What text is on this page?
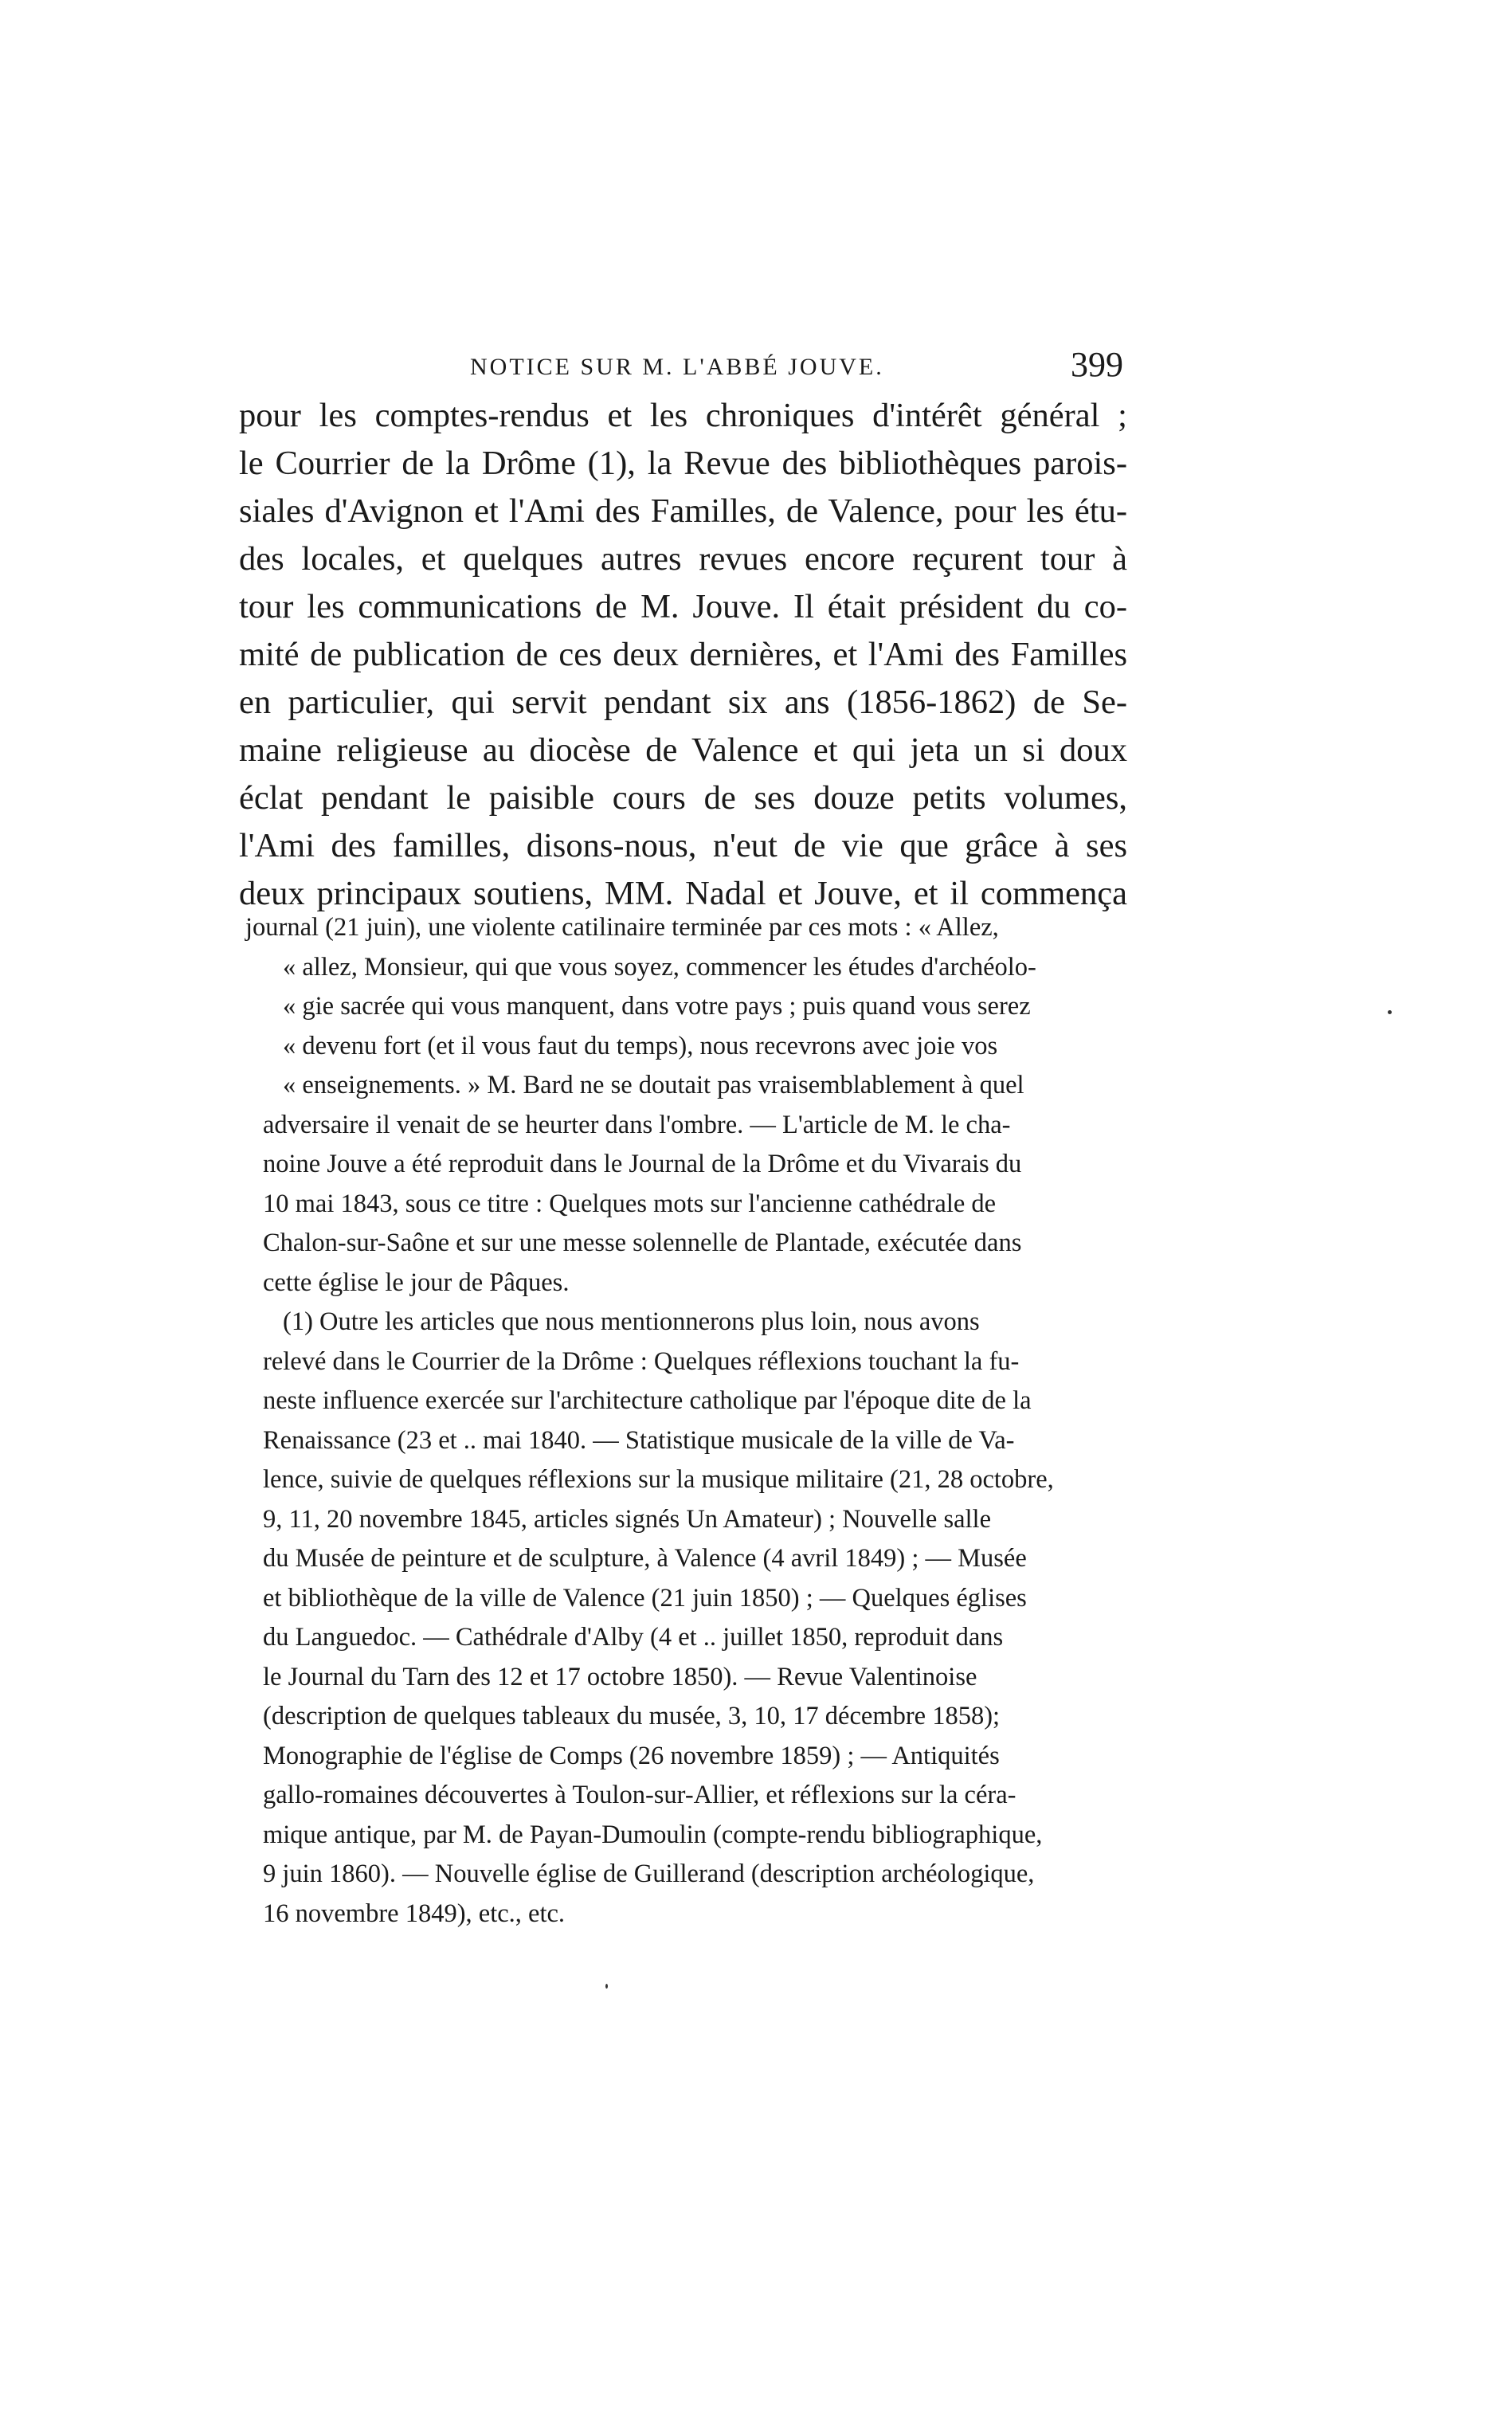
NOTICE SUR M. L'ABBÉ JOUVE.	399
pour les comptes-rendus et les chroniques d'intérêt général ;
le Courrier de la Drôme (1), la Revue des bibliothèques parois-
siales d'Avignon et l'Ami des Familles, de Valence, pour les étu-
des locales, et quelques autres revues encore reçurent tour à
tour les communications de M. Jouve. Il était président du co-
mité de publication de ces deux dernières, et l'Ami des Familles
en particulier, qui servit pendant six ans (1856-1862) de Se-
maine religieuse au diocèse de Valence et qui jeta un si doux
éclat pendant le paisible cours de ses douze petits volumes,
l'Ami des familles, disons-nous, n'eut de vie que grâce à ses
deux principaux soutiens, MM. Nadal et Jouve, et il commença
journal (21 juin), une violente catilinaire terminée par ces mots : « Allez,
« allez, Monsieur, qui que vous soyez, commencer les études d'archéolo-
« gie sacrée qui vous manquent, dans votre pays ; puis quand vous serez
« devenu fort (et il vous faut du temps), nous recevrons avec joie vos
« enseignements. » M. Bard ne se doutait pas vraisemblablement à quel
adversaire il venait de se heurter dans l'ombre. — L'article de M. le cha-
noine Jouve a été reproduit dans le Journal de la Drôme et du Vivarais du
10 mai 1843, sous ce titre : Quelques mots sur l'ancienne cathédrale de
Chalon-sur-Saône et sur une messe solennelle de Plantade, exécutée dans
cette église le jour de Pâques.
(1) Outre les articles que nous mentionnerons plus loin, nous avons
relevé dans le Courrier de la Drôme : Quelques réflexions touchant la fu-
neste influence exercée sur l'architecture catholique par l'époque dite de la
Renaissance (23 et .. mai 1840. — Statistique musicale de la ville de Va-
lence, suivie de quelques réflexions sur la musique militaire (21, 28 octobre,
9, 11, 20 novembre 1845, articles signés Un Amateur) ; Nouvelle salle
du Musée de peinture et de sculpture, à Valence (4 avril 1849) ; — Musée
et bibliothèque de la ville de Valence (21 juin 1850) ; — Quelques églises
du Languedoc. — Cathédrale d'Alby (4 et .. juillet 1850, reproduit dans
le Journal du Tarn des 12 et 17 octobre 1850). — Revue Valentinoise
(description de quelques tableaux du musée, 3, 10, 17 décembre 1858);
Monographie de l'église de Comps (26 novembre 1859) ; — Antiquités
gallo-romaines découvertes à Toulon-sur-Allier, et réflexions sur la céra-
mique antique, par M. de Payan-Dumoulin (compte-rendu bibliographique,
9 juin 1860). — Nouvelle église de Guillerand (description archéologique,
16 novembre 1849), etc., etc.
